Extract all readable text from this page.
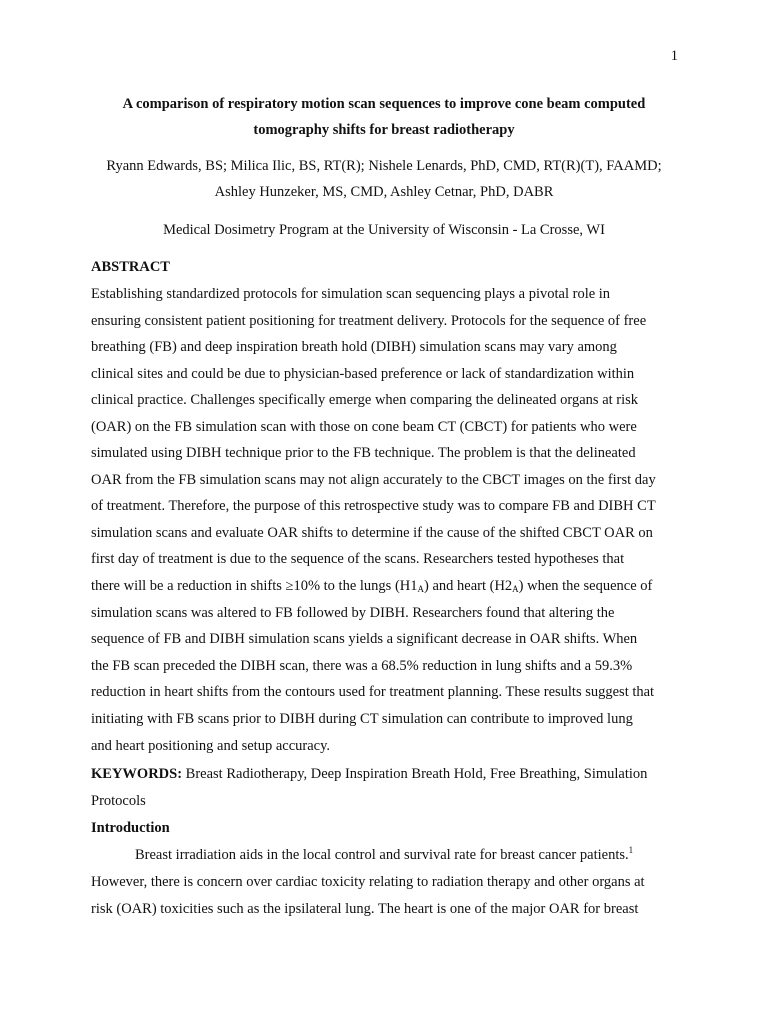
1
A comparison of respiratory motion scan sequences to improve cone beam computed
tomography shifts for breast radiotherapy
Ryann Edwards, BS; Milica Ilic, BS, RT(R); Nishele Lenards, PhD, CMD, RT(R)(T), FAAMD;
Ashley Hunzeker, MS, CMD, Ashley Cetnar, PhD, DABR
Medical Dosimetry Program at the University of Wisconsin - La Crosse, WI
ABSTRACT
Establishing standardized protocols for simulation scan sequencing plays a pivotal role in
ensuring consistent patient positioning for treatment delivery. Protocols for the sequence of free
breathing (FB) and deep inspiration breath hold (DIBH) simulation scans may vary among
clinical sites and could be due to physician-based preference or lack of standardization within
clinical practice. Challenges specifically emerge when comparing the delineated organs at risk
(OAR) on the FB simulation scan with those on cone beam CT (CBCT) for patients who were
simulated using DIBH technique prior to the FB technique. The problem is that the delineated
OAR from the FB simulation scans may not align accurately to the CBCT images on the first day
of treatment. Therefore, the purpose of this retrospective study was to compare FB and DIBH CT
simulation scans and evaluate OAR shifts to determine if the cause of the shifted CBCT OAR on
first day of treatment is due to the sequence of the scans. Researchers tested hypotheses that
there will be a reduction in shifts ≥10% to the lungs $(H1_A)$ and heart $(H2_A)$ when the sequence of
simulation scans was altered to FB followed by DIBH. Researchers found that altering the
sequence of FB and DIBH simulation scans yields a significant decrease in OAR shifts. When
the FB scan preceded the DIBH scan, there was a 68.5% reduction in lung shifts and a 59.3%
reduction in heart shifts from the contours used for treatment planning. These results suggest that
initiating with FB scans prior to DIBH during CT simulation can contribute to improved lung
and heart positioning and setup accuracy.
KEYWORDS: Breast Radiotherapy, Deep Inspiration Breath Hold, Free Breathing, Simulation
Protocols
Introduction
Breast irradiation aids in the local control and survival rate for breast cancer patients.$^1$
However, there is concern over cardiac toxicity relating to radiation therapy and other organs at
risk (OAR) toxicities such as the ipsilateral lung. The heart is one of the major OAR for breast
